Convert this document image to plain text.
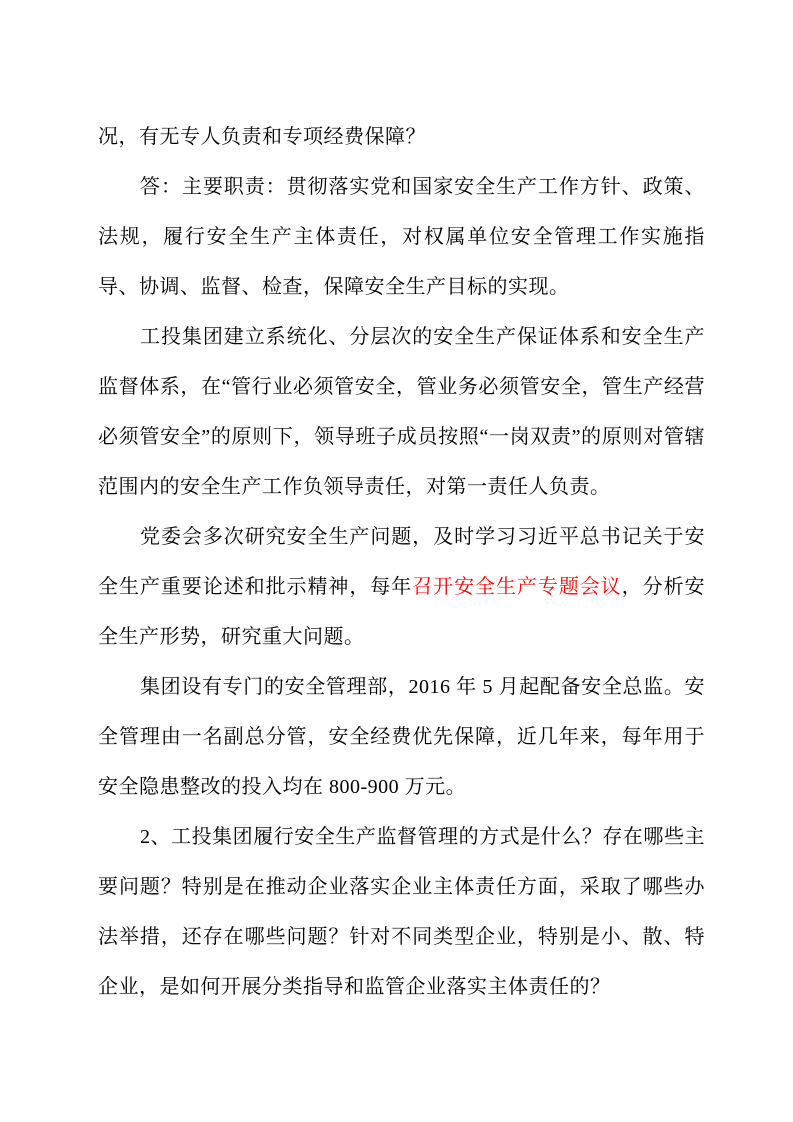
况，有无专人负责和专项经费保障？

答：主要职责：贯彻落实党和国家安全生产工作方针、政策、法规，履行安全生产主体责任，对权属单位安全管理工作实施指导、协调、监督、检查，保障安全生产目标的实现。

工投集团建立系统化、分层次的安全生产保证体系和安全生产监督体系，在“管行业必须管安全，管业务必须管安全，管生产经营必须管安全”的原则下，领导班子成员按照“一岗双责”的原则对管辖范围内的安全生产工作负领导责任，对第一责任人负责。

党委会多次研究安全生产问题，及时学习习近平总书记关于安全生产重要论述和批示精神，每年召开安全生产专题会议，分析安全生产形势，研究重大问题。

集团设有专门的安全管理部，2016 年 5 月起配备安全总监。安全管理由一名副总分管，安全经费优先保障，近几年来，每年用于安全隐患整改的投入均在 800-900 万元。

2、工投集团履行安全生产监督管理的方式是什么？存在哪些主要问题？特别是在推动企业落实企业主体责任方面，采取了哪些办法举措，还存在哪些问题？针对不同类型企业，特别是小、散、特企业，是如何开展分类指导和监管企业落实主体责任的？
